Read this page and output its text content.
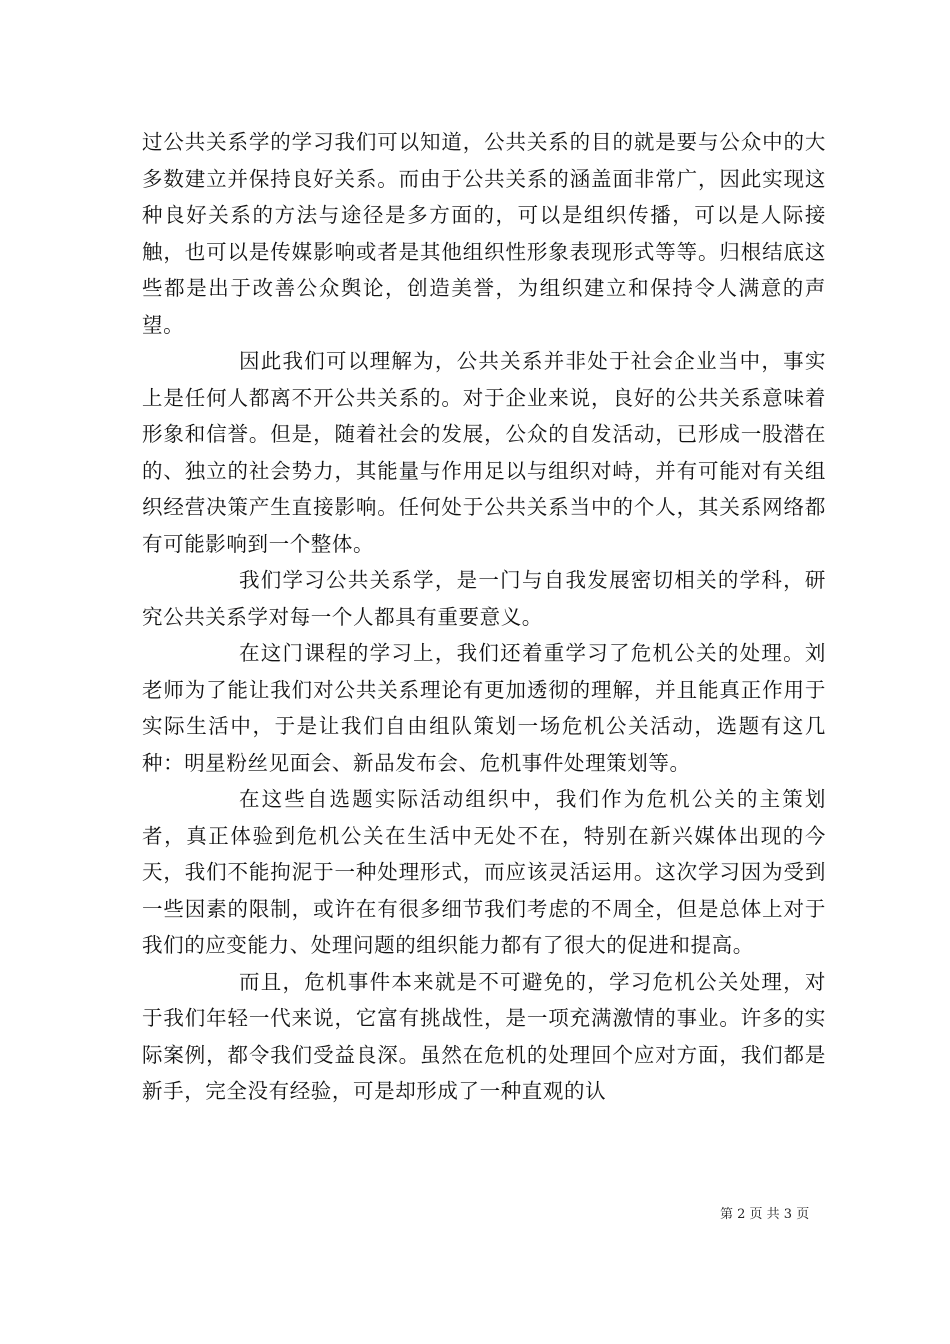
过公共关系学的学习我们可以知道，公共关系的目的就是要与公众中的大多数建立并保持良好关系。而由于公共关系的涵盖面非常广，因此实现这种良好关系的方法与途径是多方面的，可以是组织传播，可以是人际接触，也可以是传媒影响或者是其他组织性形象表现形式等等。归根结底这些都是出于改善公众舆论，创造美誉，为组织建立和保持令人满意的声望。

因此我们可以理解为，公共关系并非处于社会企业当中，事实上是任何人都离不开公共关系的。对于企业来说，良好的公共关系意味着形象和信誉。但是，随着社会的发展，公众的自发活动，已形成一股潜在的、独立的社会势力，其能量与作用足以与组织对峙，并有可能对有关组织经营决策产生直接影响。任何处于公共关系当中的个人，其关系网络都有可能影响到一个整体。

我们学习公共关系学，是一门与自我发展密切相关的学科，研究公共关系学对每一个人都具有重要意义。

在这门课程的学习上，我们还着重学习了危机公关的处理。刘老师为了能让我们对公共关系理论有更加透彻的理解，并且能真正作用于实际生活中，于是让我们自由组队策划一场危机公关活动，选题有这几种：明星粉丝见面会、新品发布会、危机事件处理策划等。

在这些自选题实际活动组织中，我们作为危机公关的主策划者，真正体验到危机公关在生活中无处不在，特别在新兴媒体出现的今天，我们不能拘泥于一种处理形式，而应该灵活运用。这次学习因为受到一些因素的限制，或许在有很多细节我们考虑的不周全，但是总体上对于我们的应变能力、处理问题的组织能力都有了很大的促进和提高。

而且，危机事件本来就是不可避免的，学习危机公关处理，对于我们年轻一代来说，它富有挑战性，是一项充满激情的事业。许多的实际案例，都令我们受益良深。虽然在危机的处理回个应对方面，我们都是新手，完全没有经验，可是却形成了一种直观的认

第 2 页 共 3 页
